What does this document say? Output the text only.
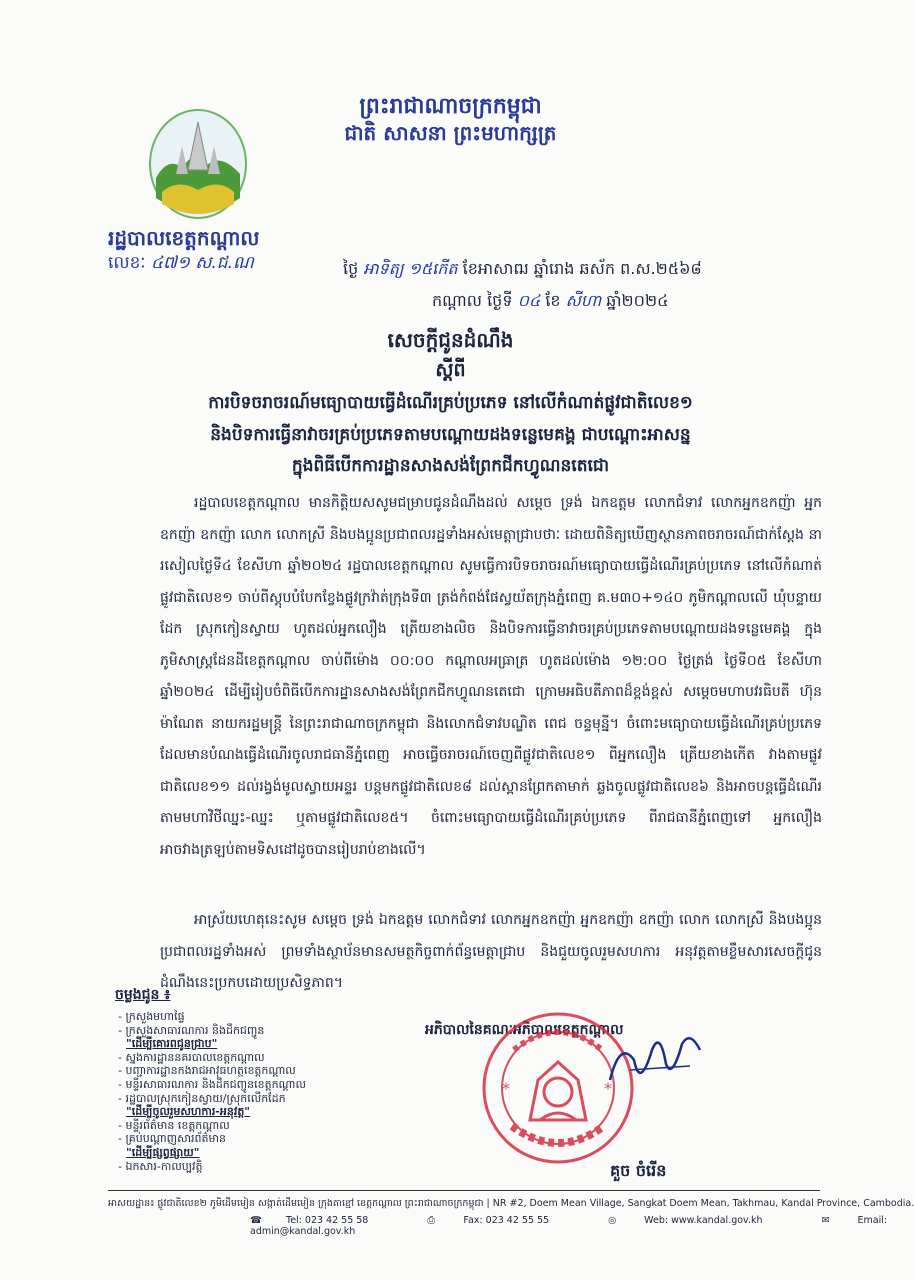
ព្រះរាជាណាចក្រកម្ពុជា
ជាតិ សាសនា ព្រះមហាក្សត្រ
រដ្ឋបាលខេត្តកណ្តាល
លេខៈ ៤៧១ ស.ជ.ណ	ថ្ងៃ អាទិត្យ ១៥កើត ខែអាសាឍ ឆ្នាំរោង ឆស័ក ព.ស.២៥៦៨
កណ្តាល ថ្ងៃទី ០៤ ខែ សីហា ឆ្នាំ២០២៤
សេចក្តីជូនដំណឹង
ស្តីពី
ការបិទចរាចរណ៍មធ្យោបាយធ្វើដំណើរគ្រប់ប្រភេទ នៅលើកំណាត់ផ្លូវជាតិលេខ១
និងបិទការធ្វើនាវាចរគ្រប់ប្រភេទតាមបណ្តោយដងទន្លេមេគង្គ ជាបណ្តោះអាសន្ន
ក្នុងពិធីបើកការដ្ឋានសាងសង់ព្រែកជីកហ្វូណនតេជោ
រដ្ឋបាលខេត្តកណ្តាល មានកិត្តិយសសូមជម្រាបជូនដំណឹងដល់ សម្តេច ទ្រង់ ឯកឧត្តម លោកជំទាវ លោកអ្នកឧកញ៉ា អ្នកឧកញ៉ា ឧកញ៉ា លោក លោកស្រី និងបងប្អូនប្រជាពលរដ្ឋទាំងអស់មេត្តាជ្រាបថាៈ ដោយពិនិត្យឃើញស្ថានភាពចរាចរណ៍ជាក់ស្តែង នារសៀលថ្ងៃទី៤ ខែសីហា ឆ្នាំ២០២៤ រដ្ឋបាលខេត្តកណ្តាល សូមធ្វើការបិទចរាចរណ៍មធ្យោបាយធ្វើដំណើរគ្រប់ប្រភេទ នៅលើកំណាត់ផ្លូវជាតិលេខ១ ចាប់ពីស្តុបបំបែកខ្វែងផ្លូវក្រវ៉ាត់ក្រុងទី៣ ត្រង់កំពង់ផែស្វយ័តក្រុងភ្នំពេញ គ.ម៣០+១៤០ ភូមិកណ្តាលលើ ឃុំបន្ទាយដែក ស្រុកកៀនស្វាយ ហូតដល់អ្នកលឿង ត្រើយខាងលិច និងបិទការធ្វើនាវាចរគ្រប់ប្រភេទតាមបណ្តោយដងទន្លេមេគង្គ ក្នុងភូមិសាស្ត្រដែនដីខេត្តកណ្តាល ចាប់ពីម៉ោង ០០:០០ កណ្តាលអធ្រាត្រ ហូតដល់ម៉ោង ១២:០០ ថ្ងៃត្រង់ ថ្ងៃទី០៥ ខែសីហា ឆ្នាំ២០២៤ ដើម្បីរៀបចំពិធីបើកការដ្ឋានសាងសង់ព្រែកជីកហ្វូណនតេជោ ក្រោមអធិបតីភាពដ៏ខ្ពង់ខ្ពស់ សម្តេចមហាបវរធិបតី ហ៊ុន ម៉ាណែត នាយករដ្ឋមន្ត្រី នៃព្រះរាជាណាចក្រកម្ពុជា និងលោកជំទាវបណ្ឌិត ពេជ ចន្ទមុន្នី។ ចំពោះមធ្យោបាយធ្វើដំណើរគ្រប់ប្រភេទដែលមានបំណងធ្វើដំណើរចូលរាជធានីភ្នំពេញ អាចធ្វើចរាចរណ៍ចេញពីផ្លូវជាតិលេខ១ ពីអ្នកលឿង ត្រើយខាងកើត វាងតាមផ្លូវជាតិលេខ១១ ដល់រង្វង់មូលស្វាយអន្ទរ បន្តមកផ្លូវជាតិលេខ៨ ដល់ស្ពានព្រែកតាមាក់ ឆ្លងចូលផ្លូវជាតិលេខ៦ និងអាចបន្តធ្វើដំណើរតាមមហាវិថីឈ្នះ-ឈ្នះ ឬតាមផ្លូវជាតិលេខ៥។ ចំពោះមធ្យោបាយធ្វើដំណើរគ្រប់ប្រភេទ ពីរាជធានីភ្នំពេញទៅ អ្នកលឿង អាចវាងត្រឡប់តាមទិសដៅដូចបានរៀបរាប់ខាងលើ។
អាស្រ័យហេតុនេះសូម សម្តេច ទ្រង់ ឯកឧត្តម លោកជំទាវ លោកអ្នកឧកញ៉ា អ្នកឧកញ៉ា ឧកញ៉ា លោក លោកស្រី និងបងប្អូនប្រជាពលរដ្ឋទាំងអស់ ព្រមទាំងស្ថាប័នមានសមត្ថកិច្ចពាក់ព័ន្ធមេត្តាជ្រាប និងជួយចូលរួមសហការ អនុវត្តតាមខ្លឹមសារសេចក្តីជូនដំណឹងនេះប្រកបដោយប្រសិទ្ធភាព។
ចម្លងជូន ៖
- ក្រសួងមហាផ្ទៃ
- ក្រសួងសាធារណការ និងដឹកជញ្ជូន
"ដើម្បីគោរពជូនជ្រាប"
- ស្នងការដ្ឋាននគរបាលខេត្តកណ្តាល
- បញ្ជាការដ្ឋានកងរាជអាវុធហត្ថខេត្តកណ្តាល
- មន្ទីរសាធារណការ និងដឹកជញ្ជូនខេត្តកណ្តាល
- រដ្ឋបាលស្រុកកៀនស្វាយ/ស្រុកលើកដែក
"ដើម្បីចូលរួមសហការ-អនុវត្ត"
- មន្ទីរព័ត៌មាន ខេត្តកណ្តាល
- គ្រប់បណ្តាញសារព័ត៌មាន
"ដើម្បីផ្សព្វផ្សាយ"
- ឯកសារ-កាលប្បវត្តិ
អភិបាលនៃគណៈអភិបាលខេត្តកណ្តាល
*	*
គួច ចំរើន
អាសយដ្ឋាន៖ ផ្លូវជាតិលេខ២ ភូមិដើមមៀន សង្កាត់ដើមមៀន ក្រុងតាខ្មៅ ខេត្តកណ្តាល ព្រះរាជាណាចក្រកម្ពុជា | NR #2, Doem Mean Village, Sangkat Doem Mean, Takhmau, Kandal Province, Cambodia.
☎	Tel: 023 42 55 58	⎙	Fax: 023 42 55 55	◎	Web: www.kandal.gov.kh	✉	Email: admin@kandal.gov.kh
